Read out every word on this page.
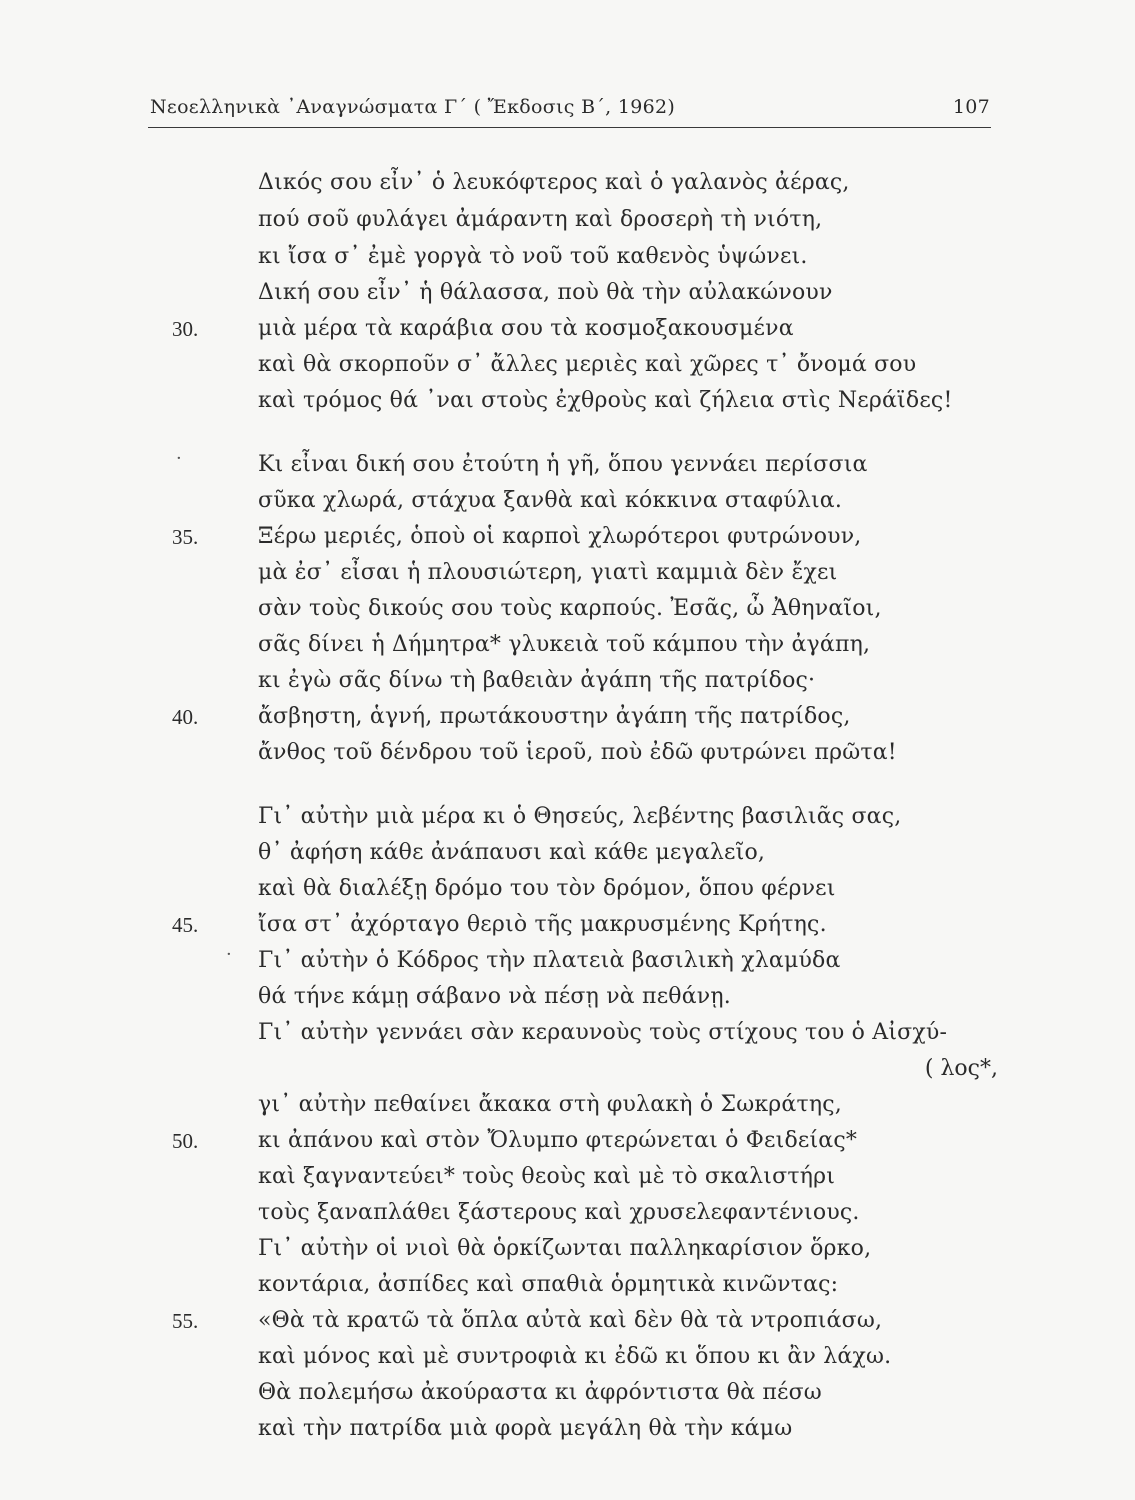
Νεοελληνικὰ ᾿Αναγνώσματα Γ΄ ( Ἔκδοσις Β΄, 1962)	107
Δικός σου εἶν᾿ ὁ λευκόφτερος καὶ ὁ γαλανὸς ἀέρας,
πού σοῦ φυλάγει ἀμάραντη καὶ δροσερὴ τὴ νιότη,
κι ἴσα σ᾿ ἐμὲ γοργὰ τὸ νοῦ τοῦ καθενὸς ὑψώνει.
Δική σου εἶν᾿ ἡ θάλασσα, ποὺ θὰ τὴν αὐλακώνουν
30.	μιὰ μέρα τὰ καράβια σου τὰ κοσμοξακουσμένα
καὶ θὰ σκορποῦν σ᾿ ἄλλες μεριὲς καὶ χῶρες τ᾿ ὄνομά σου
καὶ τρόμος θά ᾿ναι στοὺς ἐχθροὺς καὶ ζήλεια στὶς Νεράϊδες!
·	Κι εἶναι δική σου ἐτούτη ἡ γῆ, ὅπου γεννάει περίσσια
σῦκα χλωρά, στάχυα ξανθὰ καὶ κόκκινα σταφύλια.
35.	Ξέρω μεριές, ὁποὺ οἱ καρποὶ χλωρότεροι φυτρώνουν,
μὰ ἐσ᾿ εἶσαι ἡ πλουσιώτερη, γιατὶ καμμιὰ δὲν ἔχει
σὰν τοὺς δικούς σου τοὺς καρπούς. Ἐσᾶς, ὦ Ἀθηναῖοι,
σᾶς δίνει ἡ Δήμητρα* γλυκειὰ τοῦ κάμπου τὴν ἀγάπη,
κι ἐγὼ σᾶς δίνω τὴ βαθειὰν ἀγάπη τῆς πατρίδος·
40.	ἄσβηστη, ἁγνή, πρωτάκουστην ἀγάπη τῆς πατρίδος,
ἄνθος τοῦ δένδρου τοῦ ἱεροῦ, ποὺ ἐδῶ φυτρώνει πρῶτα!
Γι᾿ αὐτὴν μιὰ μέρα κι ὁ Θησεύς, λεβέντης βασιλιᾶς σας,
θ᾿ ἀφήση κάθε ἀνάπαυσι καὶ κάθε μεγαλεῖο,
καὶ θὰ διαλέξῃ δρόμο του τὸν δρόμον, ὅπου φέρνει
45.	ἴσα στ᾿ ἀχόρταγο θεριὸ τῆς μακρυσμένης Κρήτης.
· Γι᾿ αὐτὴν ὁ Κόδρος τὴν πλατειὰ βασιλικὴ χλαμύδα
θά τήνε κάμῃ σάβανο νὰ πέσῃ νὰ πεθάνῃ.
Γι᾿ αὐτὴν γεννάει σὰν κεραυνοὺς τοὺς στίχους του ὁ Αἰσχύ-
( λος*,
γι᾿ αὐτὴν πεθαίνει ἄκακα στὴ φυλακὴ ὁ Σωκράτης,
50.	κι ἀπάνου καὶ στὸν Ὄλυμπο φτερώνεται ὁ Φειδείας*
καὶ ξαγναντεύει* τοὺς θεοὺς καὶ μὲ τὸ σκαλιστήρι
τοὺς ξαναπλάθει ξάστερους καὶ χρυσελεφαντένιους.
Γι᾿ αὐτὴν οἱ νιοὶ θὰ ὁρκίζωνται παλληκαρίσιον ὅρκο,
κοντάρια, ἀσπίδες καὶ σπαθιὰ ὁρμητικὰ κινῶντας:
55.	«Θὰ τὰ κρατῶ τὰ ὅπλα αὐτὰ καὶ δὲν θὰ τὰ ντροπιάσω,
καὶ μόνος καὶ μὲ συντροφιὰ κι ἐδῶ κι ὅπου κι ἂν λάχω.
Θὰ πολεμήσω ἀκούραστα κι ἀφρόντιστα θὰ πέσω
καὶ τὴν πατρίδα μιὰ φορὰ μεγάλη θὰ τὴν κάμω
